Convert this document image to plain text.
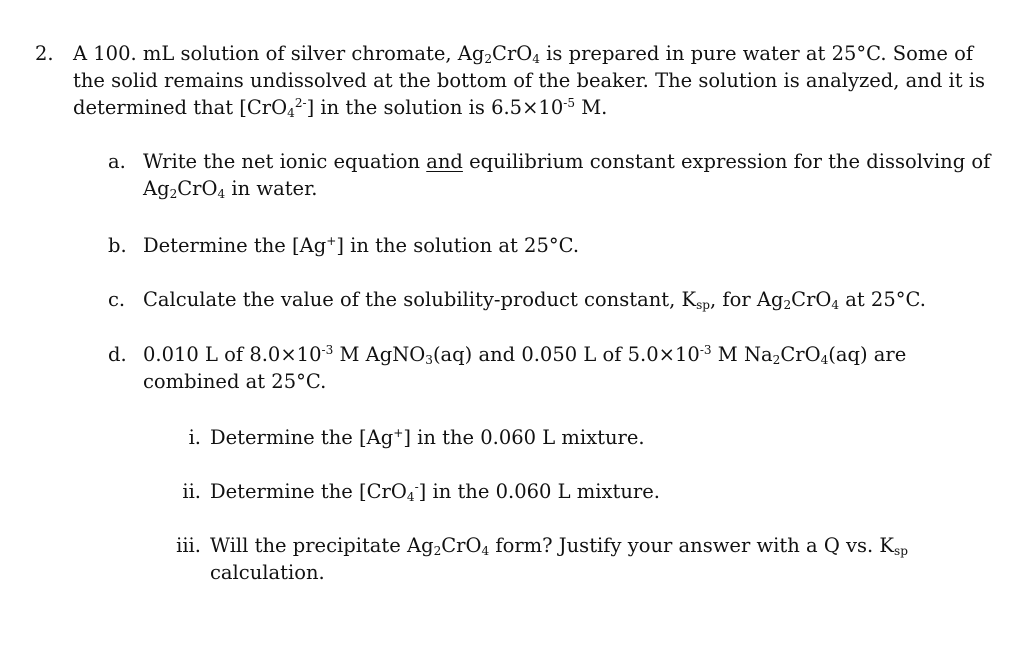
2. A 100. mL solution of silver chromate, $Ag_2CrO_4$ is prepared in pure water at 25°C. Some of the solid remains undissolved at the bottom of the beaker. The solution is analyzed, and it is determined that [CrO$_4^{2-}$] in the solution is $6.5\times 10^{-5}$ M.

a. Write the net ionic equation and equilibrium constant expression for the dissolving of $Ag_2CrO_4$ in water.

b. Determine the [Ag+] in the solution at 25°C.

c. Calculate the value of the solubility-product constant, $K_{sp}$, for $Ag_2CrO_4$ at 25°C.

d. 0.010 L of $8.0\times 10^{-3}$ M AgNO$_3$(aq) and 0.050 L of $5.0\times 10^{-3}$ M $Na_2CrO_4(aq)$ are combined at 25°C.

i. Determine the [Ag+] in the 0.060 L mixture.

ii. Determine the [CrO$_4$-] in the 0.060 L mixture.

iii. Will the precipitate $Ag_2CrO_4$ form? Justify your answer with a Q vs. $K_{sp}$ calculation.
